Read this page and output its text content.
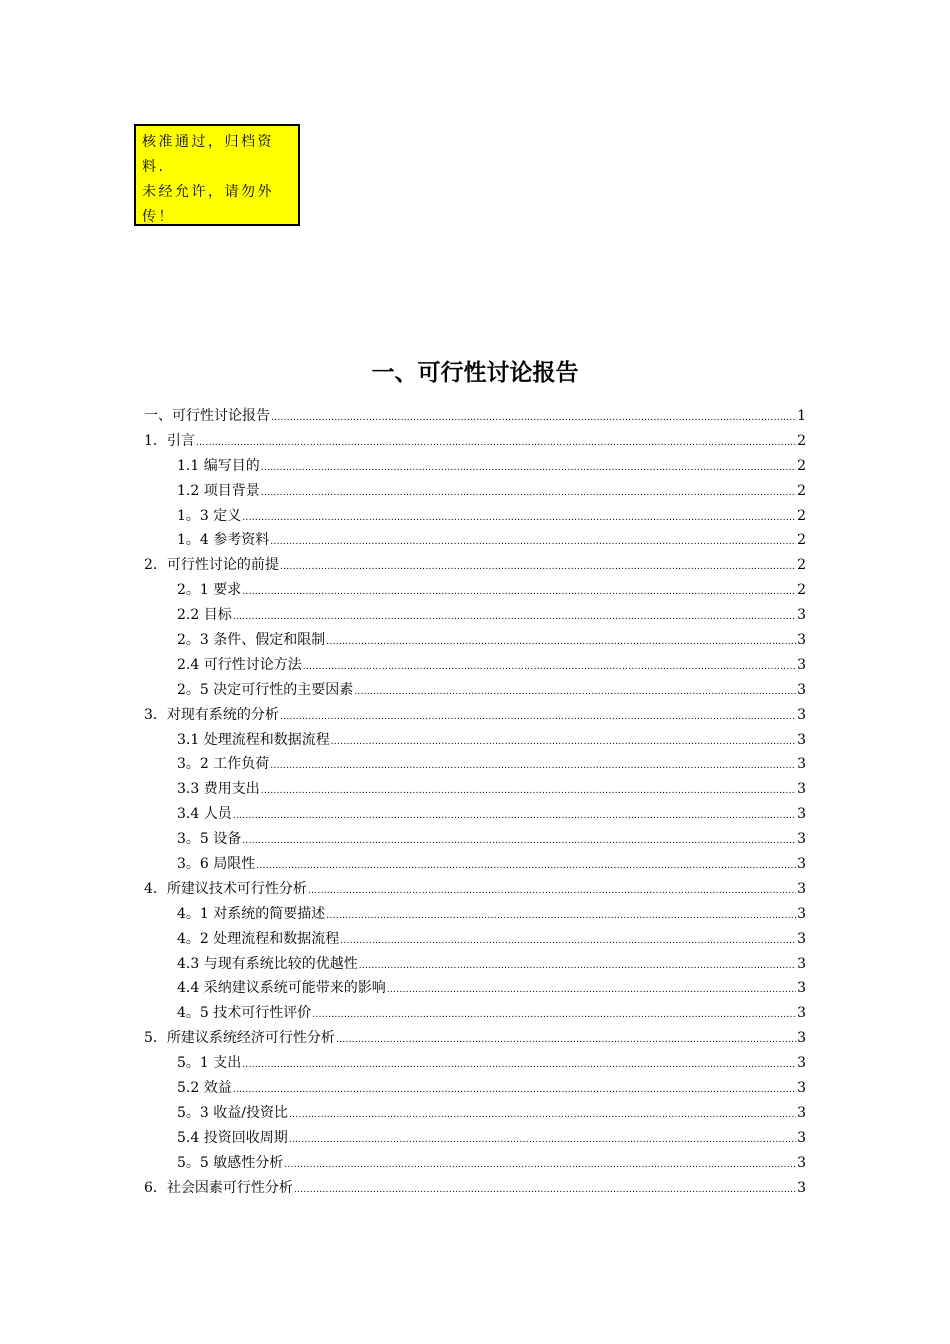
核准通过，归档资
料.
未经允许，请勿外
传！
一、可行性讨论报告
一、可行性讨论报告 .....	1
1．引言 .....	2
1.1 编写目的 .....	2
1.2 项目背景 .....	2
1。3 定义 .....	2
1。4 参考资料 .....	2
2．可行性讨论的前提 .....	2
2。1 要求 .....	2
2.2 目标 .....	3
2。3 条件、假定和限制 .....	3
2.4 可行性讨论方法 .....	3
2。5 决定可行性的主要因素 .....	3
3．对现有系统的分析 .....	3
3.1 处理流程和数据流程 .....	3
3。2 工作负荷 .....	3
3.3 费用支出 .....	3
3.4 人员 .....	3
3。5 设备 .....	3
3。6 局限性 .....	3
4．所建议技术可行性分析 .....	3
4。1 对系统的简要描述 .....	3
4。2 处理流程和数据流程 .....	3
4.3 与现有系统比较的优越性 .....	3
4.4 采纳建议系统可能带来的影响 .....	3
4。5 技术可行性评价 .....	3
5．所建议系统经济可行性分析 .....	3
5。1 支出 .....	3
5.2 效益 .....	3
5。3 收益/投资比 .....	3
5.4 投资回收周期 .....	3
5。5 敏感性分析 .....	3
6．社会因素可行性分析 .....	3
